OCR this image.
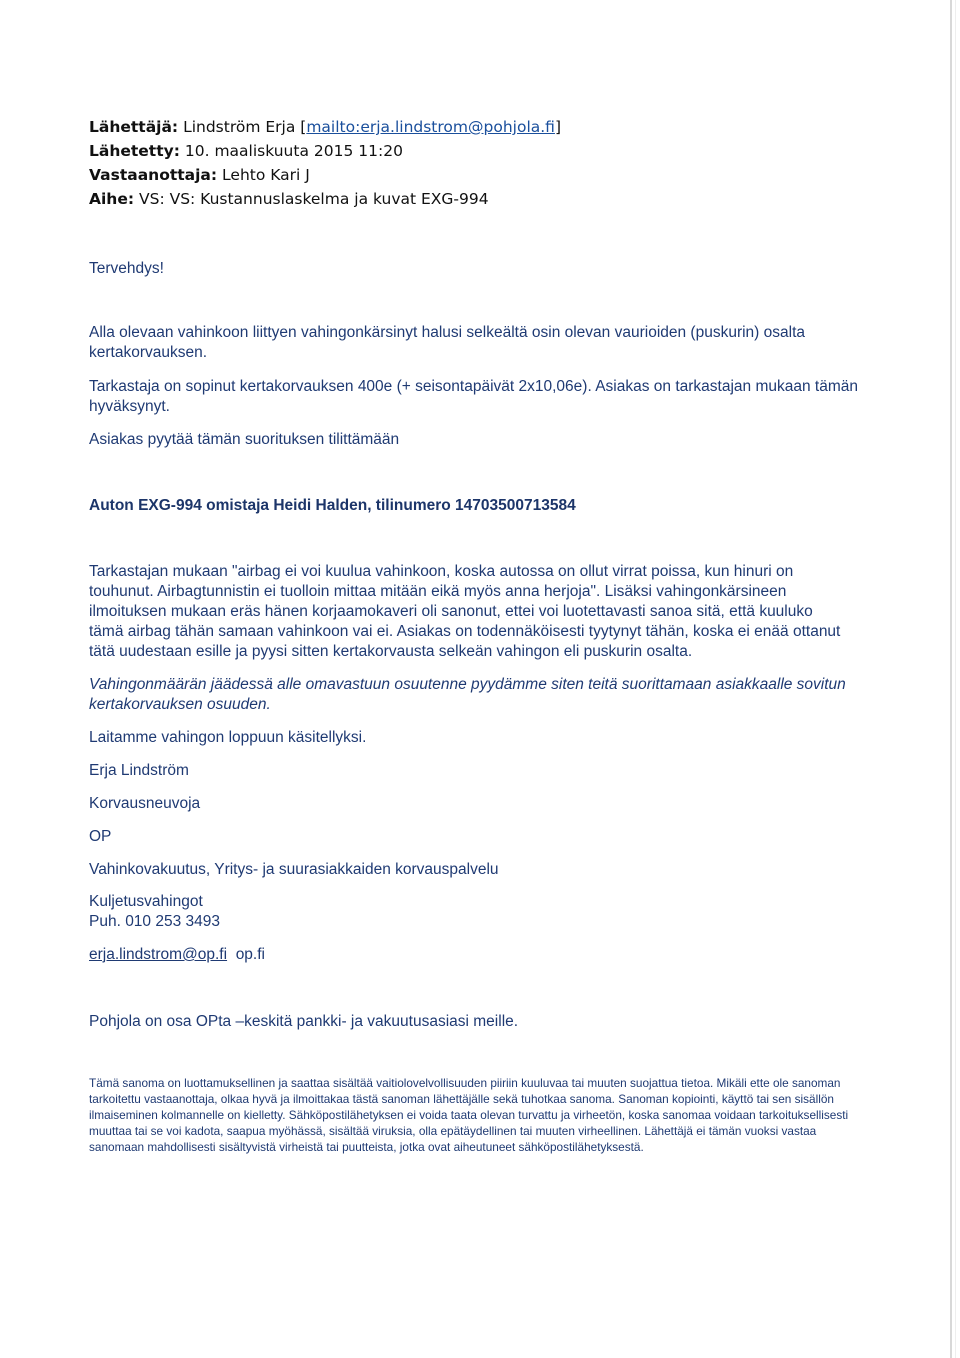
Lähettäjä: Lindström Erja [mailto:erja.lindstrom@pohjola.fi]
Lähetetty: 10. maaliskuuta 2015 11:20
Vastaanottaja: Lehto Kari J
Aihe: VS: VS: Kustannuslaskelma ja kuvat EXG-994
Tervehdys!
Alla olevaan vahinkoon liittyen vahingonkärsinyt halusi selkeältä osin olevan vaurioiden (puskurin) osalta kertakorvauksen.
Tarkastaja on sopinut kertakorvauksen 400e (+ seisontapäivät 2x10,06e). Asiakas on tarkastajan mukaan tämän hyväksynyt.
Asiakas pyytää tämän suorituksen tilittämään
Auton EXG-994 omistaja Heidi Halden, tilinumero 14703500713584
Tarkastajan mukaan "airbag ei voi kuulua vahinkoon, koska autossa on ollut virrat poissa, kun hinuri on touhunut. Airbagtunnistin ei tuolloin mittaa mitään eikä myös anna herjoja". Lisäksi vahingonkärsineen ilmoituksen mukaan eräs hänen korjaamokaveri oli sanonut, ettei voi luotettavasti sanoa sitä, että kuuluko tämä airbag tähän samaan vahinkoon vai ei. Asiakas on todennäköisesti tyytynyt tähän, koska ei enää ottanut tätä uudestaan esille ja pyysi sitten kertakorvausta selkeän vahingon eli puskurin osalta.
Vahingonmäärän jäädessä alle omavastuun osuutenne pyydämme siten teitä suorittamaan asiakkaalle sovitun kertakorvauksen osuuden.
Laitamme vahingon loppuun käsitellyksi.
Erja Lindström
Korvausneuvoja
OP
Vahinkovakuutus, Yritys- ja suurasiakkaiden korvauspalvelu
Kuljetusvahingot
Puh. 010 253 3493
erja.lindstrom@op.fi op.fi
Pohjola on osa OPta –keskitä pankki- ja vakuutusasiasi meille.
Tämä sanoma on luottamuksellinen ja saattaa sisältää vaitiolovelvollisuuden piiriin kuuluvaa tai muuten suojattua tietoa. Mikäli ette ole sanoman tarkoitettu vastaanottaja, olkaa hyvä ja ilmoittakaa tästä sanoman lähettäjälle sekä tuhotkaa sanoma. Sanoman kopiointi, käyttö tai sen sisällön ilmaiseminen kolmannelle on kielletty. Sähköpostilähetyksen ei voida taata olevan turvattu ja virheetön, koska sanomaa voidaan tarkoituksellisesti muuttaa tai se voi kadota, saapua myöhässä, sisältää viruksia, olla epätäydellinen tai muuten virheellinen. Lähettäjä ei tämän vuoksi vastaa sanomaan mahdollisesti sisältyvistä virheistä tai puutteista, jotka ovat aiheutuneet sähköpostilähetyksestä.
